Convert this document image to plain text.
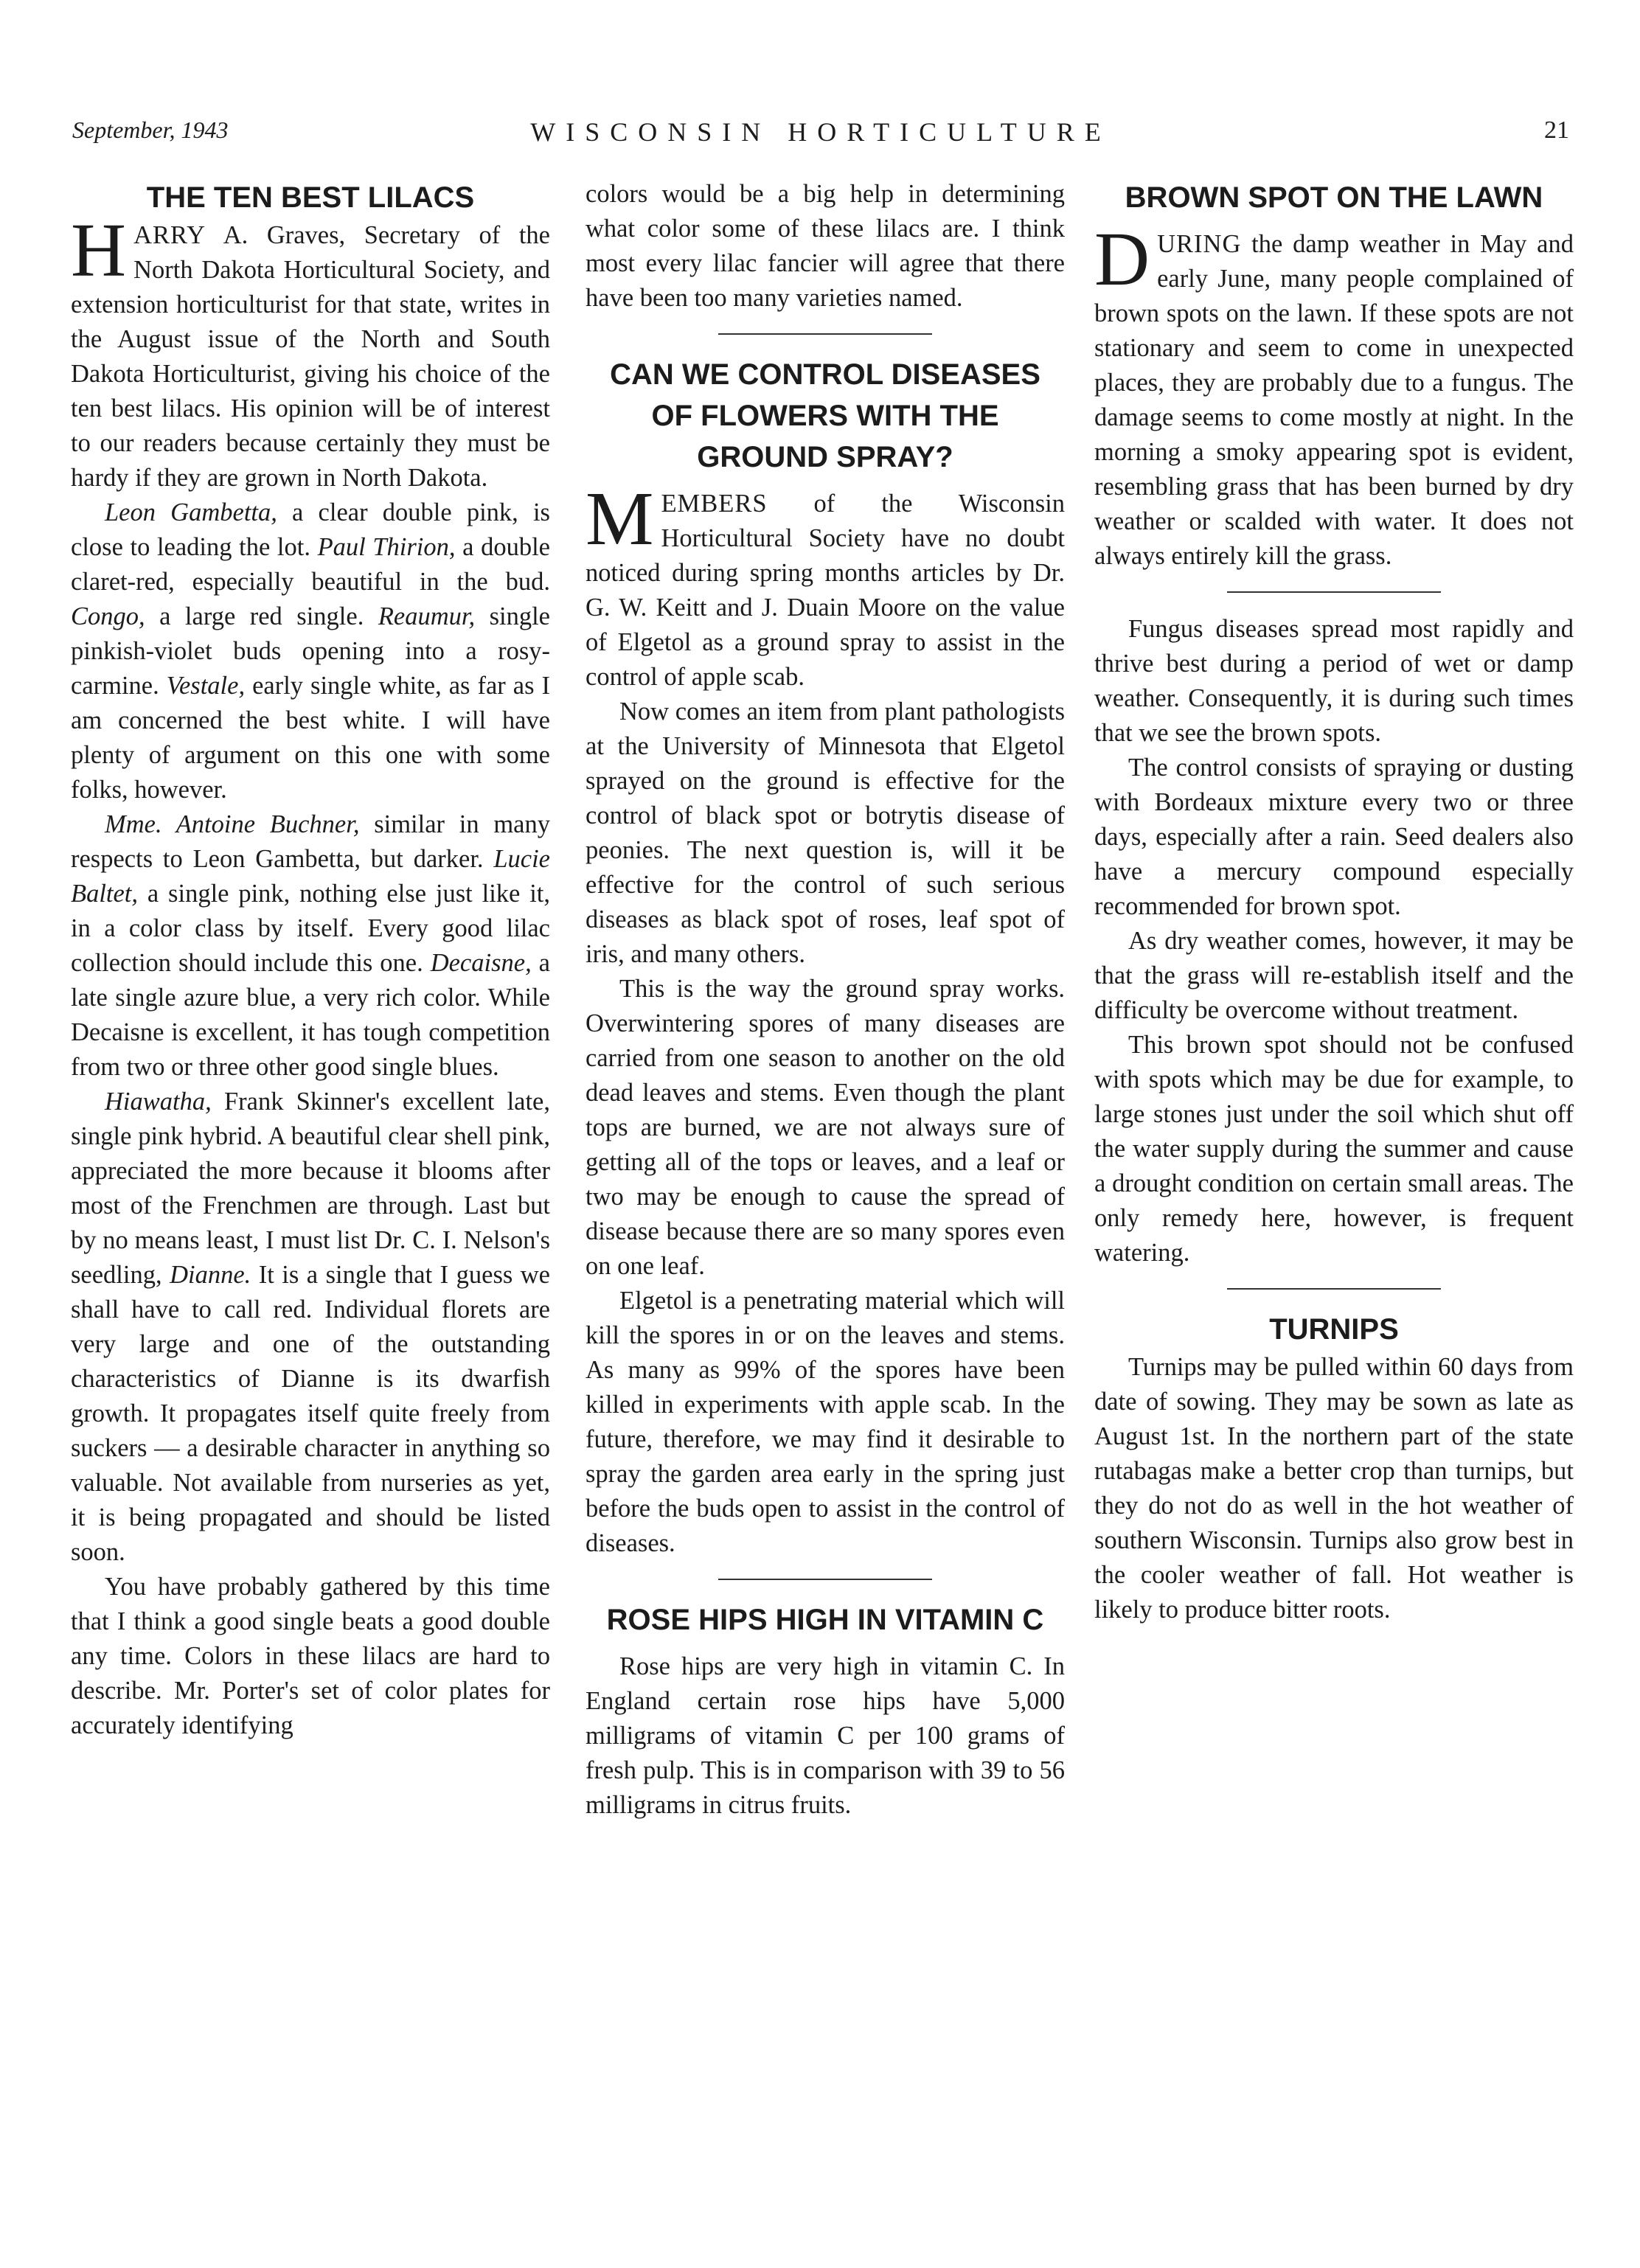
September, 1943	WISCONSIN HORTICULTURE	21
THE TEN BEST LILACS

HARRY A. Graves, Secretary of the North Dakota Horticultural Society, and extension horticulturist for that state, writes in the August issue of the North and South Dakota Horticulturist, giving his choice of the ten best lilacs. His opinion will be of interest to our readers because certainly they must be hardy if they are grown in North Dakota.

Leon Gambetta, a clear double pink, is close to leading the lot. Paul Thirion, a double claret-red, especially beautiful in the bud. Congo, a large red single. Reaumur, single pinkish-violet buds opening into a rosy-carmine. Vestale, early single white, as far as I am concerned the best white. I will have plenty of argument on this one with some folks, however.

Mme. Antoine Buchner, similar in many respects to Leon Gambetta, but darker. Lucie Baltet, a single pink, nothing else just like it, in a color class by itself. Every good lilac collection should include this one. Decaisne, a late single azure blue, a very rich color. While Decaisne is excellent, it has tough competition from two or three other good single blues.

Hiawatha, Frank Skinner's excellent late, single pink hybrid. A beautiful clear shell pink, appreciated the more because it blooms after most of the Frenchmen are through. Last but by no means least, I must list Dr. C. I. Nelson's seedling, Dianne. It is a single that I guess we shall have to call red. Individual florets are very large and one of the outstanding characteristics of Dianne is its dwarfish growth. It propagates itself quite freely from suckers — a desirable character in anything so valuable. Not available from nurseries as yet, it is being propagated and should be listed soon.

You have probably gathered by this time that I think a good single beats a good double any time. Colors in these lilacs are hard to describe. Mr. Porter's set of color plates for accurately identifying

colors would be a big help in determining what color some of these lilacs are. I think most every lilac fancier will agree that there have been too many varieties named.

CAN WE CONTROL DISEASES OF FLOWERS WITH THE GROUND SPRAY?

MEMBERS of the Wisconsin Horticultural Society have no doubt noticed during spring months articles by Dr. G. W. Keitt and J. Duain Moore on the value of Elgetol as a ground spray to assist in the control of apple scab.

Now comes an item from plant pathologists at the University of Minnesota that Elgetol sprayed on the ground is effective for the control of black spot or botrytis disease of peonies. The next question is, will it be effective for the control of such serious diseases as black spot of roses, leaf spot of iris, and many others.

This is the way the ground spray works. Overwintering spores of many diseases are carried from one season to another on the old dead leaves and stems. Even though the plant tops are burned, we are not always sure of getting all of the tops or leaves, and a leaf or two may be enough to cause the spread of disease because there are so many spores even on one leaf.

Elgetol is a penetrating material which will kill the spores in or on the leaves and stems. As many as 99% of the spores have been killed in experiments with apple scab. In the future, therefore, we may find it desirable to spray the garden area early in the spring just before the buds open to assist in the control of diseases.

ROSE HIPS HIGH IN VITAMIN C

Rose hips are very high in vitamin C. In England certain rose hips have 5,000 milligrams of vitamin C per 100 grams of fresh pulp. This is in comparison with 39 to 56 milligrams in citrus fruits.

BROWN SPOT ON THE LAWN

DURING the damp weather in May and early June, many people complained of brown spots on the lawn. If these spots are not stationary and seem to come in unexpected places, they are probably due to a fungus. The damage seems to come mostly at night. In the morning a smoky appearing spot is evident, resembling grass that has been burned by dry weather or scalded with water. It does not always entirely kill the grass.

Fungus diseases spread most rapidly and thrive best during a period of wet or damp weather. Consequently, it is during such times that we see the brown spots.

The control consists of spraying or dusting with Bordeaux mixture every two or three days, especially after a rain. Seed dealers also have a mercury compound especially recommended for brown spot.

As dry weather comes, however, it may be that the grass will re-establish itself and the difficulty be overcome without treatment.

This brown spot should not be confused with spots which may be due for example, to large stones just under the soil which shut off the water supply during the summer and cause a drought condition on certain small areas. The only remedy here, however, is frequent watering.

TURNIPS

Turnips may be pulled within 60 days from date of sowing. They may be sown as late as August 1st. In the northern part of the state rutabagas make a better crop than turnips, but they do not do as well in the hot weather of southern Wisconsin. Turnips also grow best in the cooler weather of fall. Hot weather is likely to produce bitter roots.
